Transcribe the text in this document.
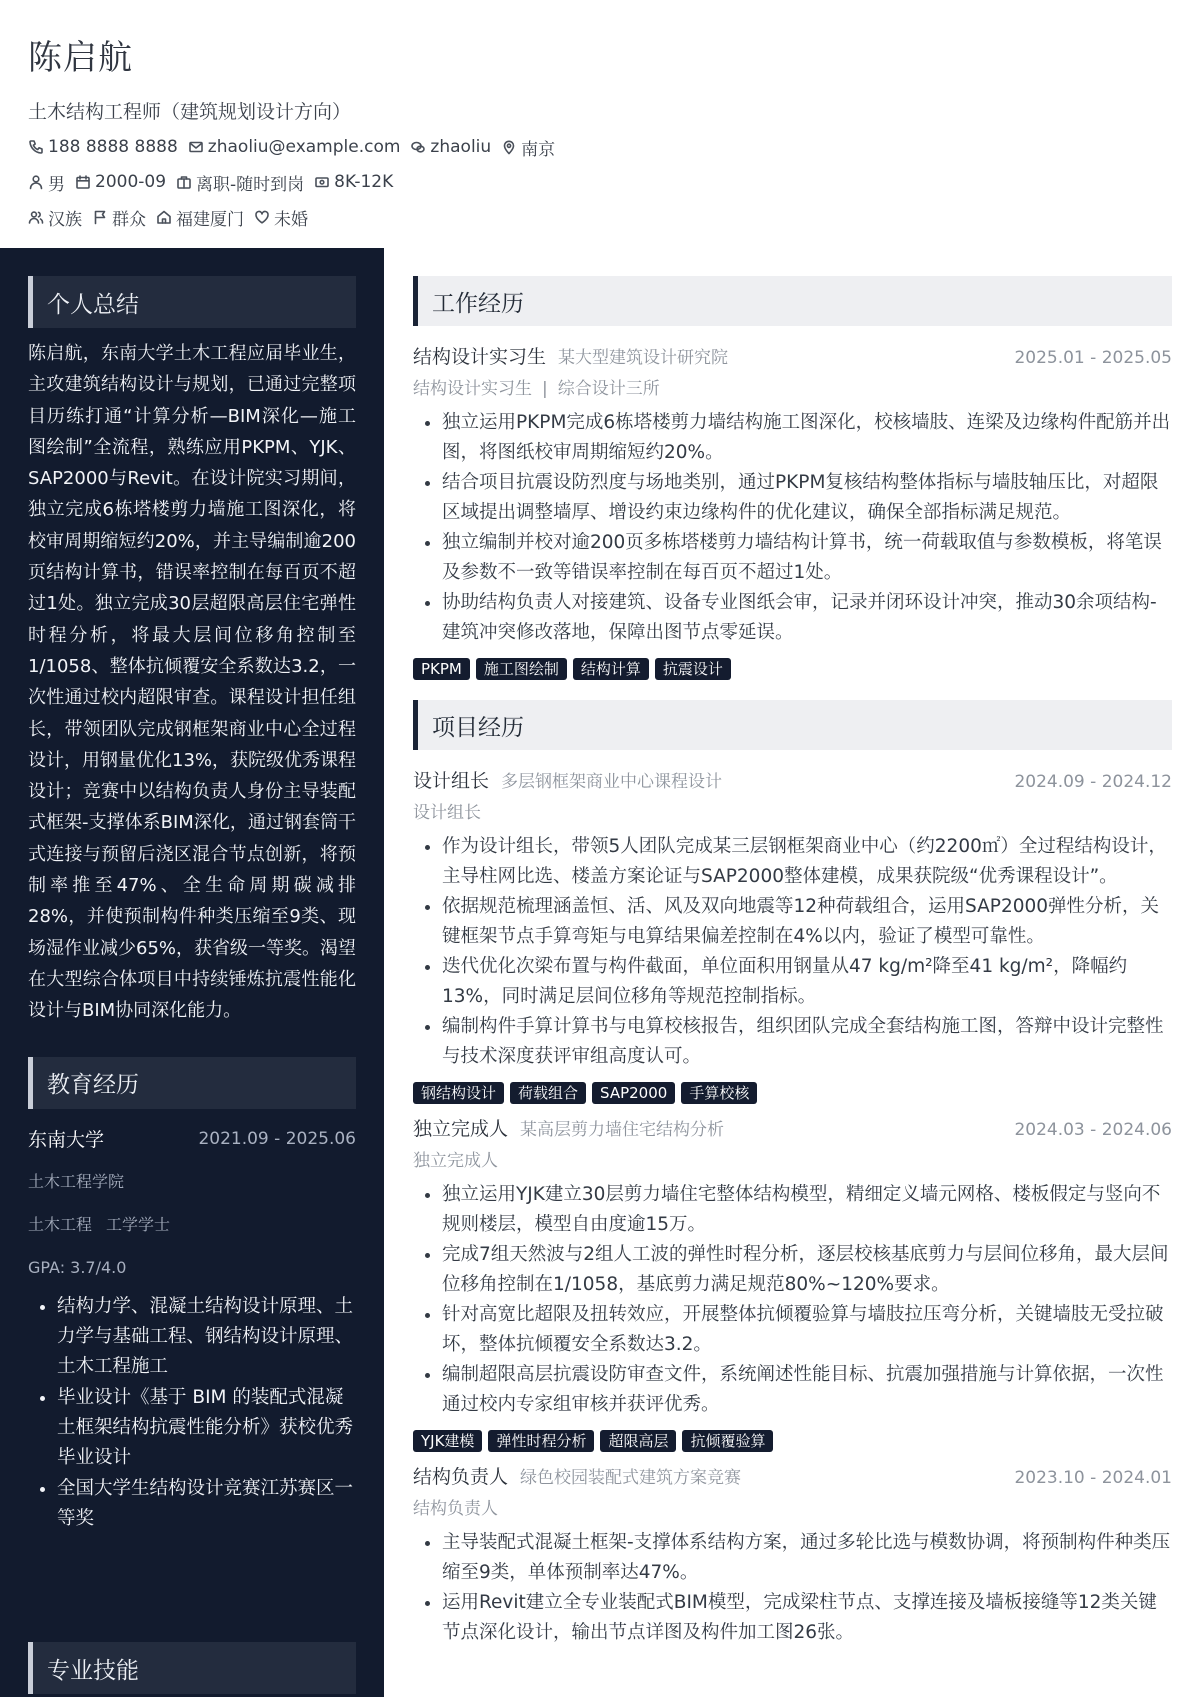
陈启航
土木结构工程师（建筑规划设计方向）
188 8888 8888 zhaoliu@example.com zhaoliu 南京
男 2000-09 离职-随时到岗 8K-12K
汉族 群众 福建厦门 未婚
个人总结
陈启航，东南大学土木工程应届毕业生，主攻建筑结构设计与规划，已通过完整项目历练打通“计算分析—BIM深化—施工图绘制”全流程，熟练应用PKPM、YJK、SAP2000与Revit。在设计院实习期间，独立完成6栋塔楼剪力墙施工图深化，将校审周期缩短约20%，并主导编制逾200页结构计算书，错误率控制在每百页不超过1处。独立完成30层超限高层住宅弹性时程分析，将最大层间位移角控制至1/1058、整体抗倾覆安全系数达3.2，一次性通过校内超限审查。课程设计担任组长，带领团队完成钢框架商业中心全过程设计，用钢量优化13%，获院级优秀课程设计；竞赛中以结构负责人身份主导装配式框架-支撑体系BIM深化，通过钢套筒干式连接与预留后浇区混合节点创新，将预制率推至47%、全生命周期碳减排28%，并使预制构件种类压缩至9类、现场湿作业减少65%，获省级一等奖。渴望在大型综合体项目中持续锤炼抗震性能化设计与BIM协同深化能力。
教育经历
东南大学	2021.09 - 2025.06
土木工程学院
土木工程 工学学士
GPA: 3.7/4.0
• 结构力学、混凝土结构设计原理、土力学与基础工程、钢结构设计原理、土木工程施工
• 毕业设计《基于 BIM 的装配式混凝土框架结构抗震性能分析》获校优秀毕业设计
• 全国大学生结构设计竞赛江苏赛区一等奖
专业技能
工作经历
结构设计实习生 某大型建筑设计研究院	2025.01 - 2025.05
结构设计实习生 | 综合设计三所
• 独立运用PKPM完成6栋塔楼剪力墙结构施工图深化，校核墙肢、连梁及边缘构件配筋并出图，将图纸校审周期缩短约20%。
• 结合项目抗震设防烈度与场地类别，通过PKPM复核结构整体指标与墙肢轴压比，对超限区域提出调整墙厚、增设约束边缘构件的优化建议，确保全部指标满足规范。
• 独立编制并校对逾200页多栋塔楼剪力墙结构计算书，统一荷载取值与参数模板，将笔误及参数不一致等错误率控制在每百页不超过1处。
• 协助结构负责人对接建筑、设备专业图纸会审，记录并闭环设计冲突，推动30余项结构-建筑冲突修改落地，保障出图节点零延误。
PKPM	施工图绘制	结构计算	抗震设计
项目经历
设计组长 多层钢框架商业中心课程设计	2024.09 - 2024.12
设计组长
• 作为设计组长，带领5人团队完成某三层钢框架商业中心（约2200㎡）全过程结构设计，主导柱网比选、楼盖方案论证与SAP2000整体建模，成果获院级“优秀课程设计”。
• 依据规范梳理涵盖恒、活、风及双向地震等12种荷载组合，运用SAP2000弹性分析，关键框架节点手算弯矩与电算结果偏差控制在4%以内，验证了模型可靠性。
• 迭代优化次梁布置与构件截面，单位面积用钢量从47 kg/m²降至41 kg/m²，降幅约13%，同时满足层间位移角等规范控制指标。
• 编制构件手算计算书与电算校核报告，组织团队完成全套结构施工图，答辩中设计完整性与技术深度获评审组高度认可。
钢结构设计	荷载组合	SAP2000	手算校核
独立完成人 某高层剪力墙住宅结构分析	2024.03 - 2024.06
独立完成人
• 独立运用YJK建立30层剪力墙住宅整体结构模型，精细定义墙元网格、楼板假定与竖向不规则楼层，模型自由度逾15万。
• 完成7组天然波与2组人工波的弹性时程分析，逐层校核基底剪力与层间位移角，最大层间位移角控制在1/1058，基底剪力满足规范80%~120%要求。
• 针对高宽比超限及扭转效应，开展整体抗倾覆验算与墙肢拉压弯分析，关键墙肢无受拉破坏，整体抗倾覆安全系数达3.2。
• 编制超限高层抗震设防审查文件，系统阐述性能目标、抗震加强措施与计算依据，一次性通过校内专家组审核并获评优秀。
YJK建模	弹性时程分析	超限高层	抗倾覆验算
结构负责人 绿色校园装配式建筑方案竞赛	2023.10 - 2024.01
结构负责人
• 主导装配式混凝土框架-支撑体系结构方案，通过多轮比选与模数协调，将预制构件种类压缩至9类，单体预制率达47%。
• 运用Revit建立全专业装配式BIM模型，完成梁柱节点、支撑连接及墙板接缝等12类关键节点深化设计，输出节点详图及构件加工图26张。
